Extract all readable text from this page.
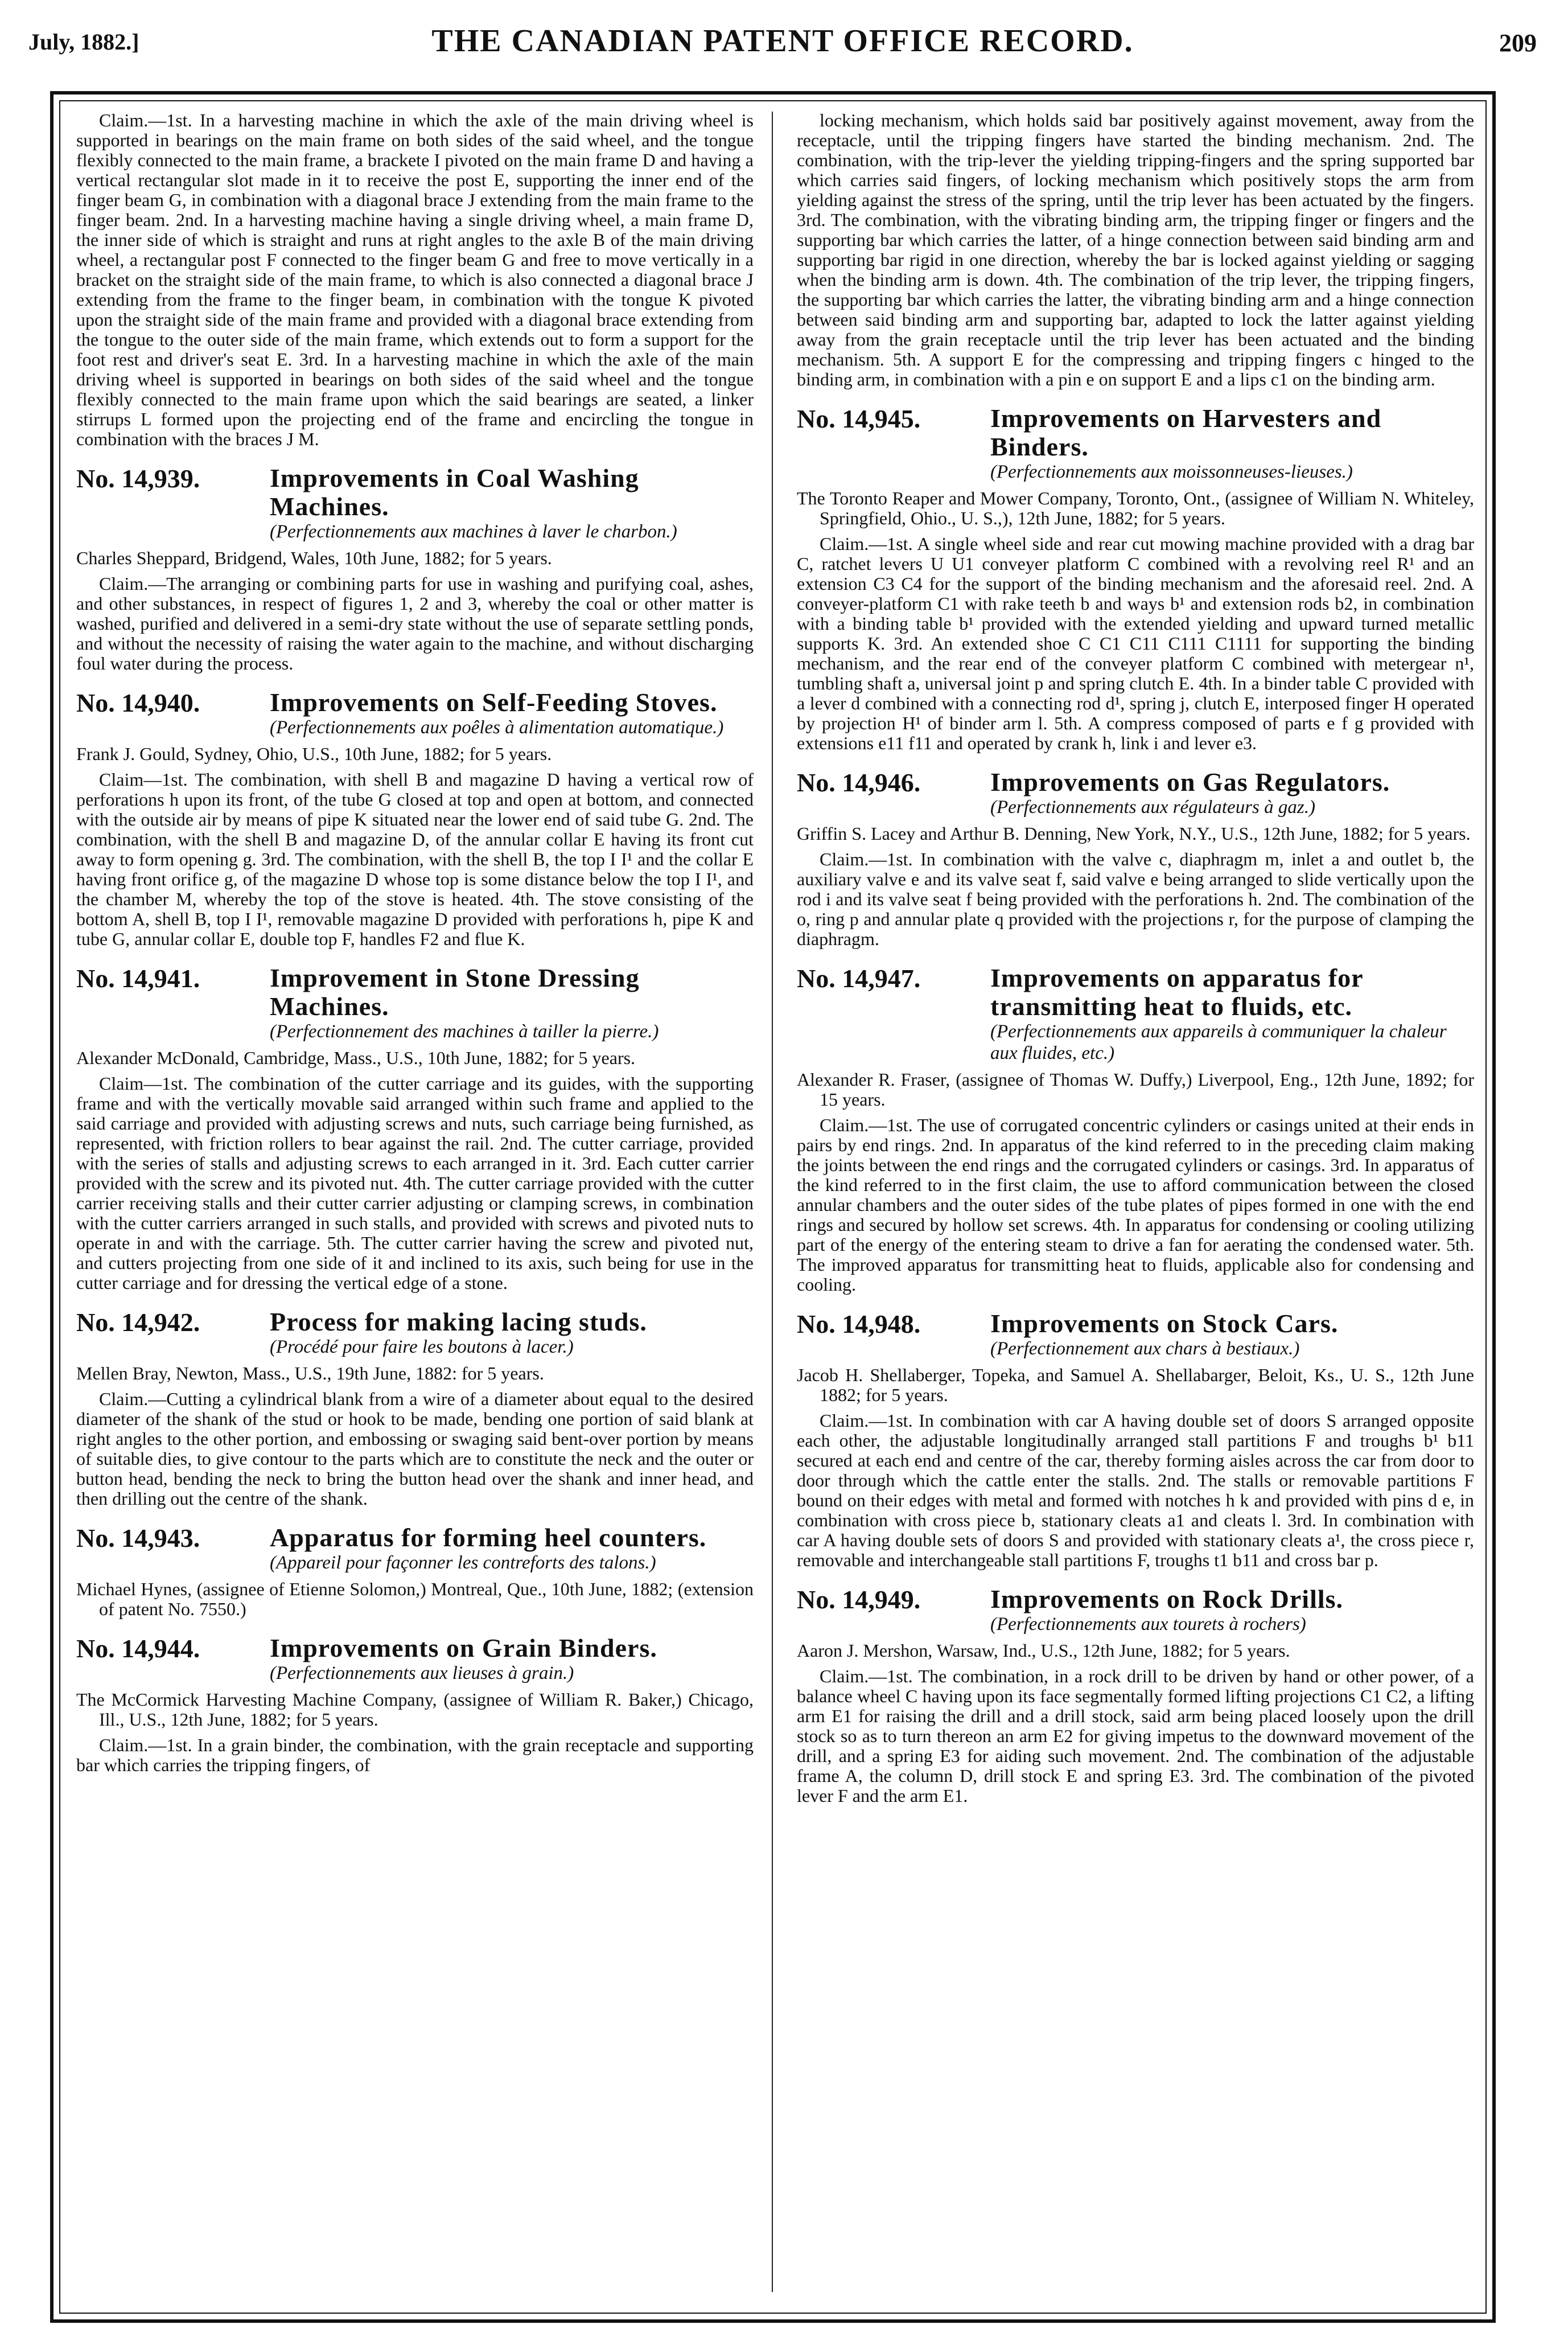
July, 1882.]	THE CANADIAN PATENT OFFICE RECORD.	209

Claim.—1st. In a harvesting machine in which the axle of the main driving wheel is supported in bearings on the main frame on both sides of the said wheel, and the tongue flexibly connected to the main frame, a brackete I pivoted on the main frame D and having a vertical rectangular slot made in it to receive the post E, supporting the inner end of the finger beam G, in combination with a diagonal brace J extending from the main frame to the finger beam. 2nd. In a harvesting machine having a single driving wheel, a main frame D, the inner side of which is straight and runs at right angles to the axle B of the main driving wheel, a rectangular post F connected to the finger beam G and free to move vertically in a bracket on the straight side of the main frame, to which is also connected a diagonal brace J extending from the frame to the finger beam, in combination with the tongue K pivoted upon the straight side of the main frame and provided with a diagonal brace extending from the tongue to the outer side of the main frame, which extends out to form a support for the foot rest and driver's seat E. 3rd. In a harvesting machine in which the axle of the main driving wheel is supported in bearings on both sides of the said wheel and the tongue flexibly connected to the main frame upon which the said bearings are seated, a linker stirrups L formed upon the projecting end of the frame and encircling the tongue in combination with the braces J M.

No. 14,939.	Improvements in Coal Washing Machines.
(Perfectionnements aux machines à laver le charbon.)

Charles Sheppard, Bridgend, Wales, 10th June, 1882; for 5 years.

Claim.—The arranging or combining parts for use in washing and purifying coal, ashes, and other substances, in respect of figures 1, 2 and 3, whereby the coal or other matter is washed, purified and delivered in a semi-dry state without the use of separate settling ponds, and without the necessity of raising the water again to the machine, and without discharging foul water during the process.

No. 14,940.	Improvements on Self-Feeding Stoves.
(Perfectionnements aux poêles à alimentation automatique.)

Frank J. Gould, Sydney, Ohio, U.S., 10th June, 1882; for 5 years.

Claim—1st. The combination, with shell B and magazine D having a vertical row of perforations h upon its front, of the tube G closed at top and open at bottom, and connected with the outside air by means of pipe K situated near the lower end of said tube G. 2nd. The combination, with the shell B and magazine D, of the annular collar E having its front cut away to form opening g. 3rd. The combination, with the shell B, the top I I¹ and the collar E having front orifice g, of the magazine D whose top is some distance below the top I I¹, and the chamber M, whereby the top of the stove is heated. 4th. The stove consisting of the bottom A, shell B, top I I¹, removable magazine D provided with perforations h, pipe K and tube G, annular collar E, double top F, handles F2 and flue K.

No. 14,941.	Improvement in Stone Dressing Machines.
(Perfectionnement des machines à tailler la pierre.)

Alexander McDonald, Cambridge, Mass., U.S., 10th June, 1882; for 5 years.

Claim—1st. The combination of the cutter carriage and its guides, with the supporting frame and with the vertically movable said arranged within such frame and applied to the said carriage and provided with adjusting screws and nuts, such carriage being furnished, as represented, with friction rollers to bear against the rail. 2nd. The cutter carriage, provided with the series of stalls and adjusting screws to each arranged in it. 3rd. Each cutter carrier provided with the screw and its pivoted nut. 4th. The cutter carriage provided with the cutter carrier receiving stalls and their cutter carrier adjusting or clamping screws, in combination with the cutter carriers arranged in such stalls, and provided with screws and pivoted nuts to operate in and with the carriage. 5th. The cutter carrier having the screw and pivoted nut, and cutters projecting from one side of it and inclined to its axis, such being for use in the cutter carriage and for dressing the vertical edge of a stone.

No. 14,942.	Process for making lacing studs.
(Procédé pour faire les boutons à lacer.)

Mellen Bray, Newton, Mass., U.S., 19th June, 1882: for 5 years.

Claim.—Cutting a cylindrical blank from a wire of a diameter about equal to the desired diameter of the shank of the stud or hook to be made, bending one portion of said blank at right angles to the other portion, and embossing or swaging said bent-over portion by means of suitable dies, to give contour to the parts which are to constitute the neck and the outer or button head, bending the neck to bring the button head over the shank and inner head, and then drilling out the centre of the shank.

No. 14,943.	Apparatus for forming heel counters.
(Appareil pour façonner les contreforts des talons.)

Michael Hynes, (assignee of Etienne Solomon,) Montreal, Que., 10th June, 1882; (extension of patent No. 7550.)

No. 14,944.	Improvements on Grain Binders.
(Perfectionnements aux lieuses à grain.)

The McCormick Harvesting Machine Company, (assignee of William R. Baker,) Chicago, Ill., U.S., 12th June, 1882; for 5 years.

Claim.—1st. In a grain binder, the combination, with the grain receptacle and supporting bar which carries the tripping fingers, of

locking mechanism, which holds said bar positively against movement, away from the receptacle, until the tripping fingers have started the binding mechanism. 2nd. The combination, with the trip-lever the yielding tripping-fingers and the spring supported bar which carries said fingers, of locking mechanism which positively stops the arm from yielding against the stress of the spring, until the trip lever has been actuated by the fingers. 3rd. The combination, with the vibrating binding arm, the tripping finger or fingers and the supporting bar which carries the latter, of a hinge connection between said binding arm and supporting bar rigid in one direction, whereby the bar is locked against yielding or sagging when the binding arm is down. 4th. The combination of the trip lever, the tripping fingers, the supporting bar which carries the latter, the vibrating binding arm and a hinge connection between said binding arm and supporting bar, adapted to lock the latter against yielding away from the grain receptacle until the trip lever has been actuated and the binding mechanism. 5th. A support E for the compressing and tripping fingers c hinged to the binding arm, in combination with a pin e on support E and a lips c1 on the binding arm.

No. 14,945.	Improvements on Harvesters and Binders.
(Perfectionnements aux moissonneuses-lieuses.)

The Toronto Reaper and Mower Company, Toronto, Ont., (assignee of William N. Whiteley, Springfield, Ohio., U. S.,), 12th June, 1882; for 5 years.

Claim.—1st. A single wheel side and rear cut mowing machine provided with a drag bar C, ratchet levers U U1 conveyer platform C combined with a revolving reel R¹ and an extension C3 C4 for the support of the binding mechanism and the aforesaid reel. 2nd. A conveyer-platform C1 with rake teeth b and ways b¹ and extension rods b2, in combination with a binding table b¹ provided with the extended yielding and upward turned metallic supports K. 3rd. An extended shoe C C1 C11 C111 C1111 for supporting the binding mechanism, and the rear end of the conveyer platform C combined with metergear n¹, tumbling shaft a, universal joint p and spring clutch E. 4th. In a binder table C provided with a lever d combined with a connecting rod d¹, spring j, clutch E, interposed finger H operated by projection H¹ of binder arm l. 5th. A compress composed of parts e f g provided with extensions e11 f11 and operated by crank h, link i and lever e3.

No. 14,946.	Improvements on Gas Regulators.
(Perfectionnements aux régulateurs à gaz.)

Griffin S. Lacey and Arthur B. Denning, New York, N.Y., U.S., 12th June, 1882; for 5 years.

Claim.—1st. In combination with the valve c, diaphragm m, inlet a and outlet b, the auxiliary valve e and its valve seat f, said valve e being arranged to slide vertically upon the rod i and its valve seat f being provided with the perforations h. 2nd. The combination of the o, ring p and annular plate q provided with the projections r, for the purpose of clamping the diaphragm.

No. 14,947.	Improvements on apparatus for transmitting heat to fluids, etc.
(Perfectionnements aux appareils à communiquer la chaleur aux fluides, etc.)

Alexander R. Fraser, (assignee of Thomas W. Duffy,) Liverpool, Eng., 12th June, 1892; for 15 years.

Claim.—1st. The use of corrugated concentric cylinders or casings united at their ends in pairs by end rings. 2nd. In apparatus of the kind referred to in the preceding claim making the joints between the end rings and the corrugated cylinders or casings. 3rd. In apparatus of the kind referred to in the first claim, the use to afford communication between the closed annular chambers and the outer sides of the tube plates of pipes formed in one with the end rings and secured by hollow set screws. 4th. In apparatus for condensing or cooling utilizing part of the energy of the entering steam to drive a fan for aerating the condensed water. 5th. The improved apparatus for transmitting heat to fluids, applicable also for condensing and cooling.

No. 14,948.	Improvements on Stock Cars.
(Perfectionnement aux chars à bestiaux.)

Jacob H. Shellaberger, Topeka, and Samuel A. Shellabarger, Beloit, Ks., U. S., 12th June 1882; for 5 years.

Claim.—1st. In combination with car A having double set of doors S arranged opposite each other, the adjustable longitudinally arranged stall partitions F and troughs b¹ b11 secured at each end and centre of the car, thereby forming aisles across the car from door to door through which the cattle enter the stalls. 2nd. The stalls or removable partitions F bound on their edges with metal and formed with notches h k and provided with pins d e, in combination with cross piece b, stationary cleats a1 and cleats l. 3rd. In combination with car A having double sets of doors S and provided with stationary cleats a¹, the cross piece r, removable and interchangeable stall partitions F, troughs t1 b11 and cross bar p.

No. 14,949.	Improvements on Rock Drills.
(Perfectionnements aux tourets à rochers)

Aaron J. Mershon, Warsaw, Ind., U.S., 12th June, 1882; for 5 years.

Claim.—1st. The combination, in a rock drill to be driven by hand or other power, of a balance wheel C having upon its face segmentally formed lifting projections C1 C2, a lifting arm E1 for raising the drill and a drill stock, said arm being placed loosely upon the drill stock so as to turn thereon an arm E2 for giving impetus to the downward movement of the drill, and a spring E3 for aiding such movement. 2nd. The combination of the adjustable frame A, the column D, drill stock E and spring E3. 3rd. The combination of the pivoted lever F and the arm E1.
